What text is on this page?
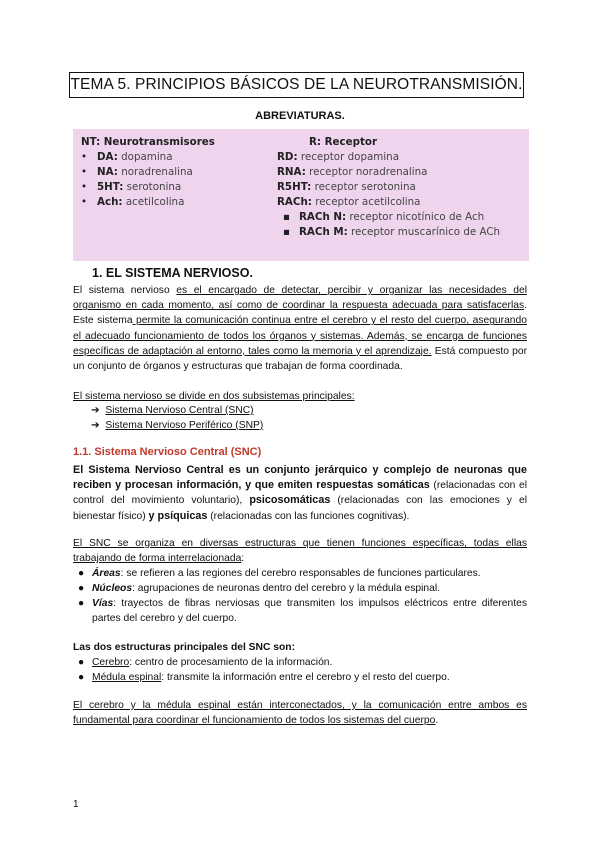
TEMA 5. PRINCIPIOS BÁSICOS DE LA NEUROTRANSMISIÓN.
ABREVIATURAS.
NT: Neurotransmisores
• DA: dopamina
• NA: noradrenalina
• 5HT: serotonina
• Ach: acetilcolina
R: Receptor
RD: receptor dopamina
RNA: receptor noradrenalina
R5HT: receptor serotonina
RACh: receptor acetilcolina
▪ RACh N: receptor nicotínico de Ach
▪ RACh M: receptor muscarínico de ACh
1. EL SISTEMA NERVIOSO.
El sistema nervioso es el encargado de detectar, percibir y organizar las necesidades del organismo en cada momento, así como de coordinar la respuesta adecuada para satisfacerlas. Este sistema permite la comunicación continua entre el cerebro y el resto del cuerpo, asegurando el adecuado funcionamiento de todos los órganos y sistemas. Además, se encarga de funciones específicas de adaptación al entorno, tales como la memoria y el aprendizaje. Está compuesto por un conjunto de órganos y estructuras que trabajan de forma coordinada.
El sistema nervioso se divide en dos subsistemas principales:
➔ Sistema Nervioso Central (SNC)
➔ Sistema Nervioso Periférico (SNP)
1.1. Sistema Nervioso Central (SNC)
El Sistema Nervioso Central es un conjunto jerárquico y complejo de neuronas que reciben y procesan información, y que emiten respuestas somáticas (relacionadas con el control del movimiento voluntario), psicosomáticas (relacionadas con las emociones y el bienestar físico) y psíquicas (relacionadas con las funciones cognitivas).
El SNC se organiza en diversas estructuras que tienen funciones específicas, todas ellas trabajando de forma interrelacionada:
● Áreas: se refieren a las regiones del cerebro responsables de funciones particulares.
● Núcleos: agrupaciones de neuronas dentro del cerebro y la médula espinal.
● Vías: trayectos de fibras nerviosas que transmiten los impulsos eléctricos entre diferentes partes del cerebro y del cuerpo.
Las dos estructuras principales del SNC son:
● Cerebro: centro de procesamiento de la información.
● Médula espinal: transmite la información entre el cerebro y el resto del cuerpo.
El cerebro y la médula espinal están interconectados, y la comunicación entre ambos es fundamental para coordinar el funcionamiento de todos los sistemas del cuerpo.
1
